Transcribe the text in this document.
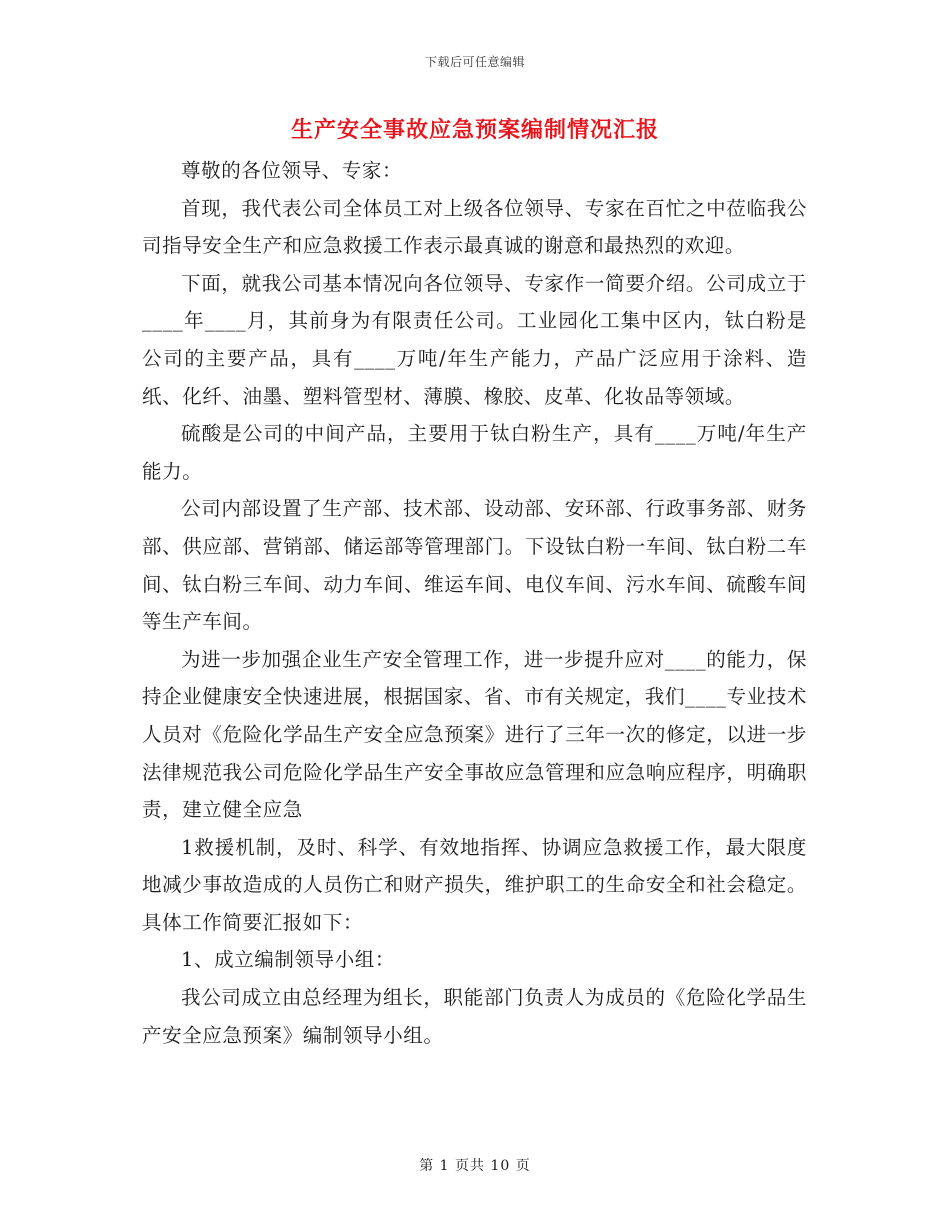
下载后可任意编辑
生产安全事故应急预案编制情况汇报

尊敬的各位领导、专家：

首现，我代表公司全体员工对上级各位领导、专家在百忙之中莅临我公司指导安全生产和应急救援工作表示最真诚的谢意和最热烈的欢迎。

下面，就我公司基本情况向各位领导、专家作一简要介绍。公司成立于____年____月，其前身为有限责任公司。工业园化工集中区内，钛白粉是公司的主要产品，具有____万吨/年生产能力，产品广泛应用于涂料、造纸、化纤、油墨、塑料管型材、薄膜、橡胶、皮革、化妆品等领域。

硫酸是公司的中间产品，主要用于钛白粉生产，具有____万吨/年生产能力。

公司内部设置了生产部、技术部、设动部、安环部、行政事务部、财务部、供应部、营销部、储运部等管理部门。下设钛白粉一车间、钛白粉二车间、钛白粉三车间、动力车间、维运车间、电仪车间、污水车间、硫酸车间等生产车间。

为进一步加强企业生产安全管理工作，进一步提升应对____的能力，保持企业健康安全快速进展，根据国家、省、市有关规定，我们____专业技术人员对《危险化学品生产安全应急预案》进行了三年一次的修定，以进一步法律规范我公司危险化学品生产安全事故应急管理和应急响应程序，明确职责，建立健全应急

1救援机制，及时、科学、有效地指挥、协调应急救援工作，最大限度地减少事故造成的人员伤亡和财产损失，维护职工的生命安全和社会稳定。具体工作简要汇报如下：

1、成立编制领导小组：

我公司成立由总经理为组长，职能部门负责人为成员的《危险化学品生产安全应急预案》编制领导小组。

第 1 页共 10 页
